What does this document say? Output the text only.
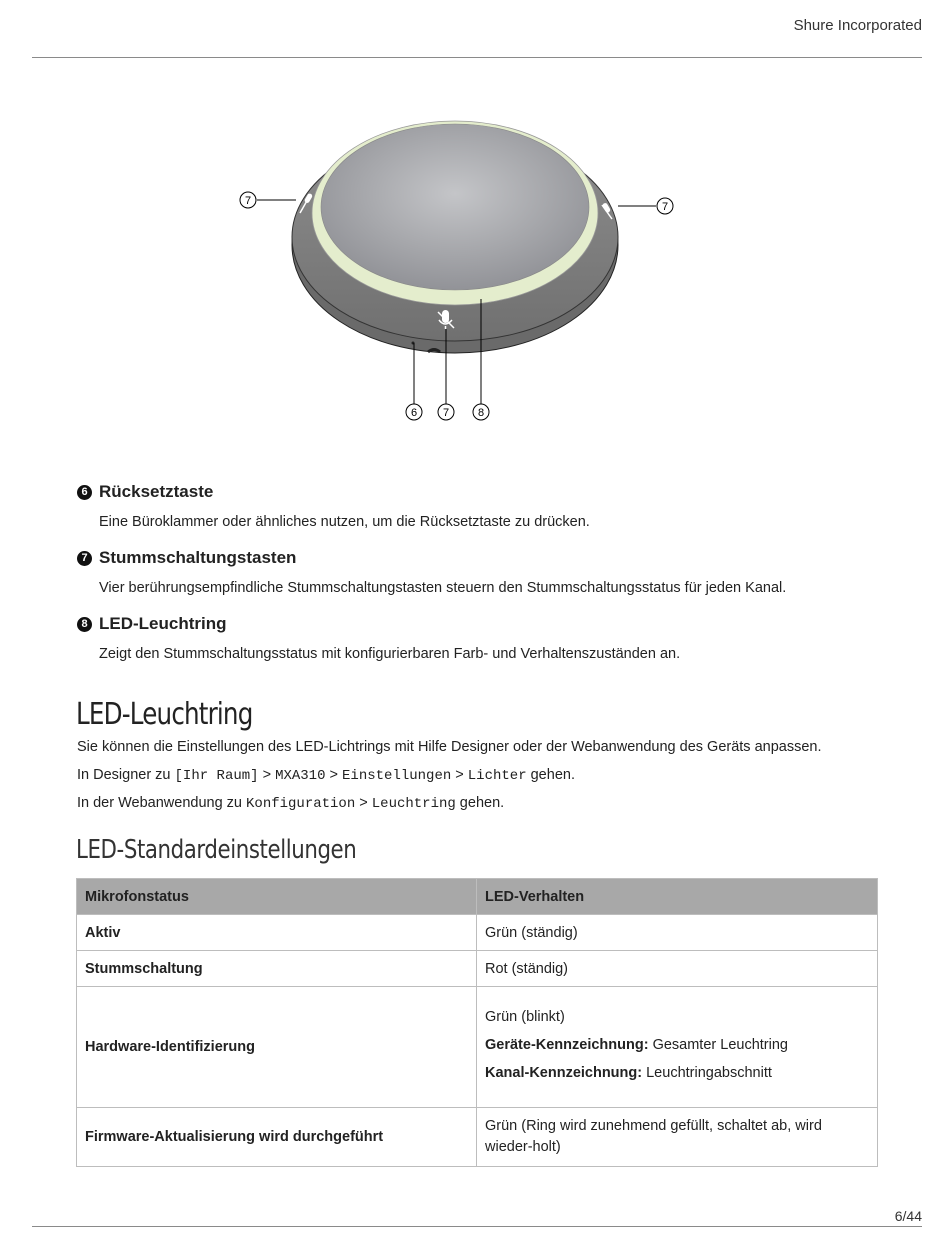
Shure Incorporated
7	7
6 7	8
6 Rücksetztaste

Eine Büroklammer oder ähnliches nutzen, um die Rücksetztaste zu drücken.

7 Stummschaltungstasten

Vier berührungsempfindliche Stummschaltungstasten steuern den Stummschaltungsstatus für jeden Kanal.

8 LED-Leuchtring

Zeigt den Stummschaltungsstatus mit konfigurierbaren Farb- und Verhaltenszuständen an.

LED-Leuchtring

Sie können die Einstellungen des LED-Lichtrings mit Hilfe Designer oder der Webanwendung des Geräts anpassen.

In Designer zu [Ihr Raum] > MXA310 > Einstellungen > Lichter gehen.

In der Webanwendung zu Konfiguration > Leuchtring gehen.

LED-Standardeinstellungen
Mikrofonstatus	LED-Verhalten
Aktiv	Grün (ständig)
Stummschaltung	Rot (ständig)
Hardware-Identifizierung	Grün (blinkt)
Geräte-Kennzeichnung: Gesamter Leuchtring
Kanal-Kennzeichnung: Leuchtringabschnitt

Firmware-Aktualisierung wird durchgeführt	Grün (Ring wird zunehmend gefüllt, schaltet ab, wird wieder-holt)
6/44
